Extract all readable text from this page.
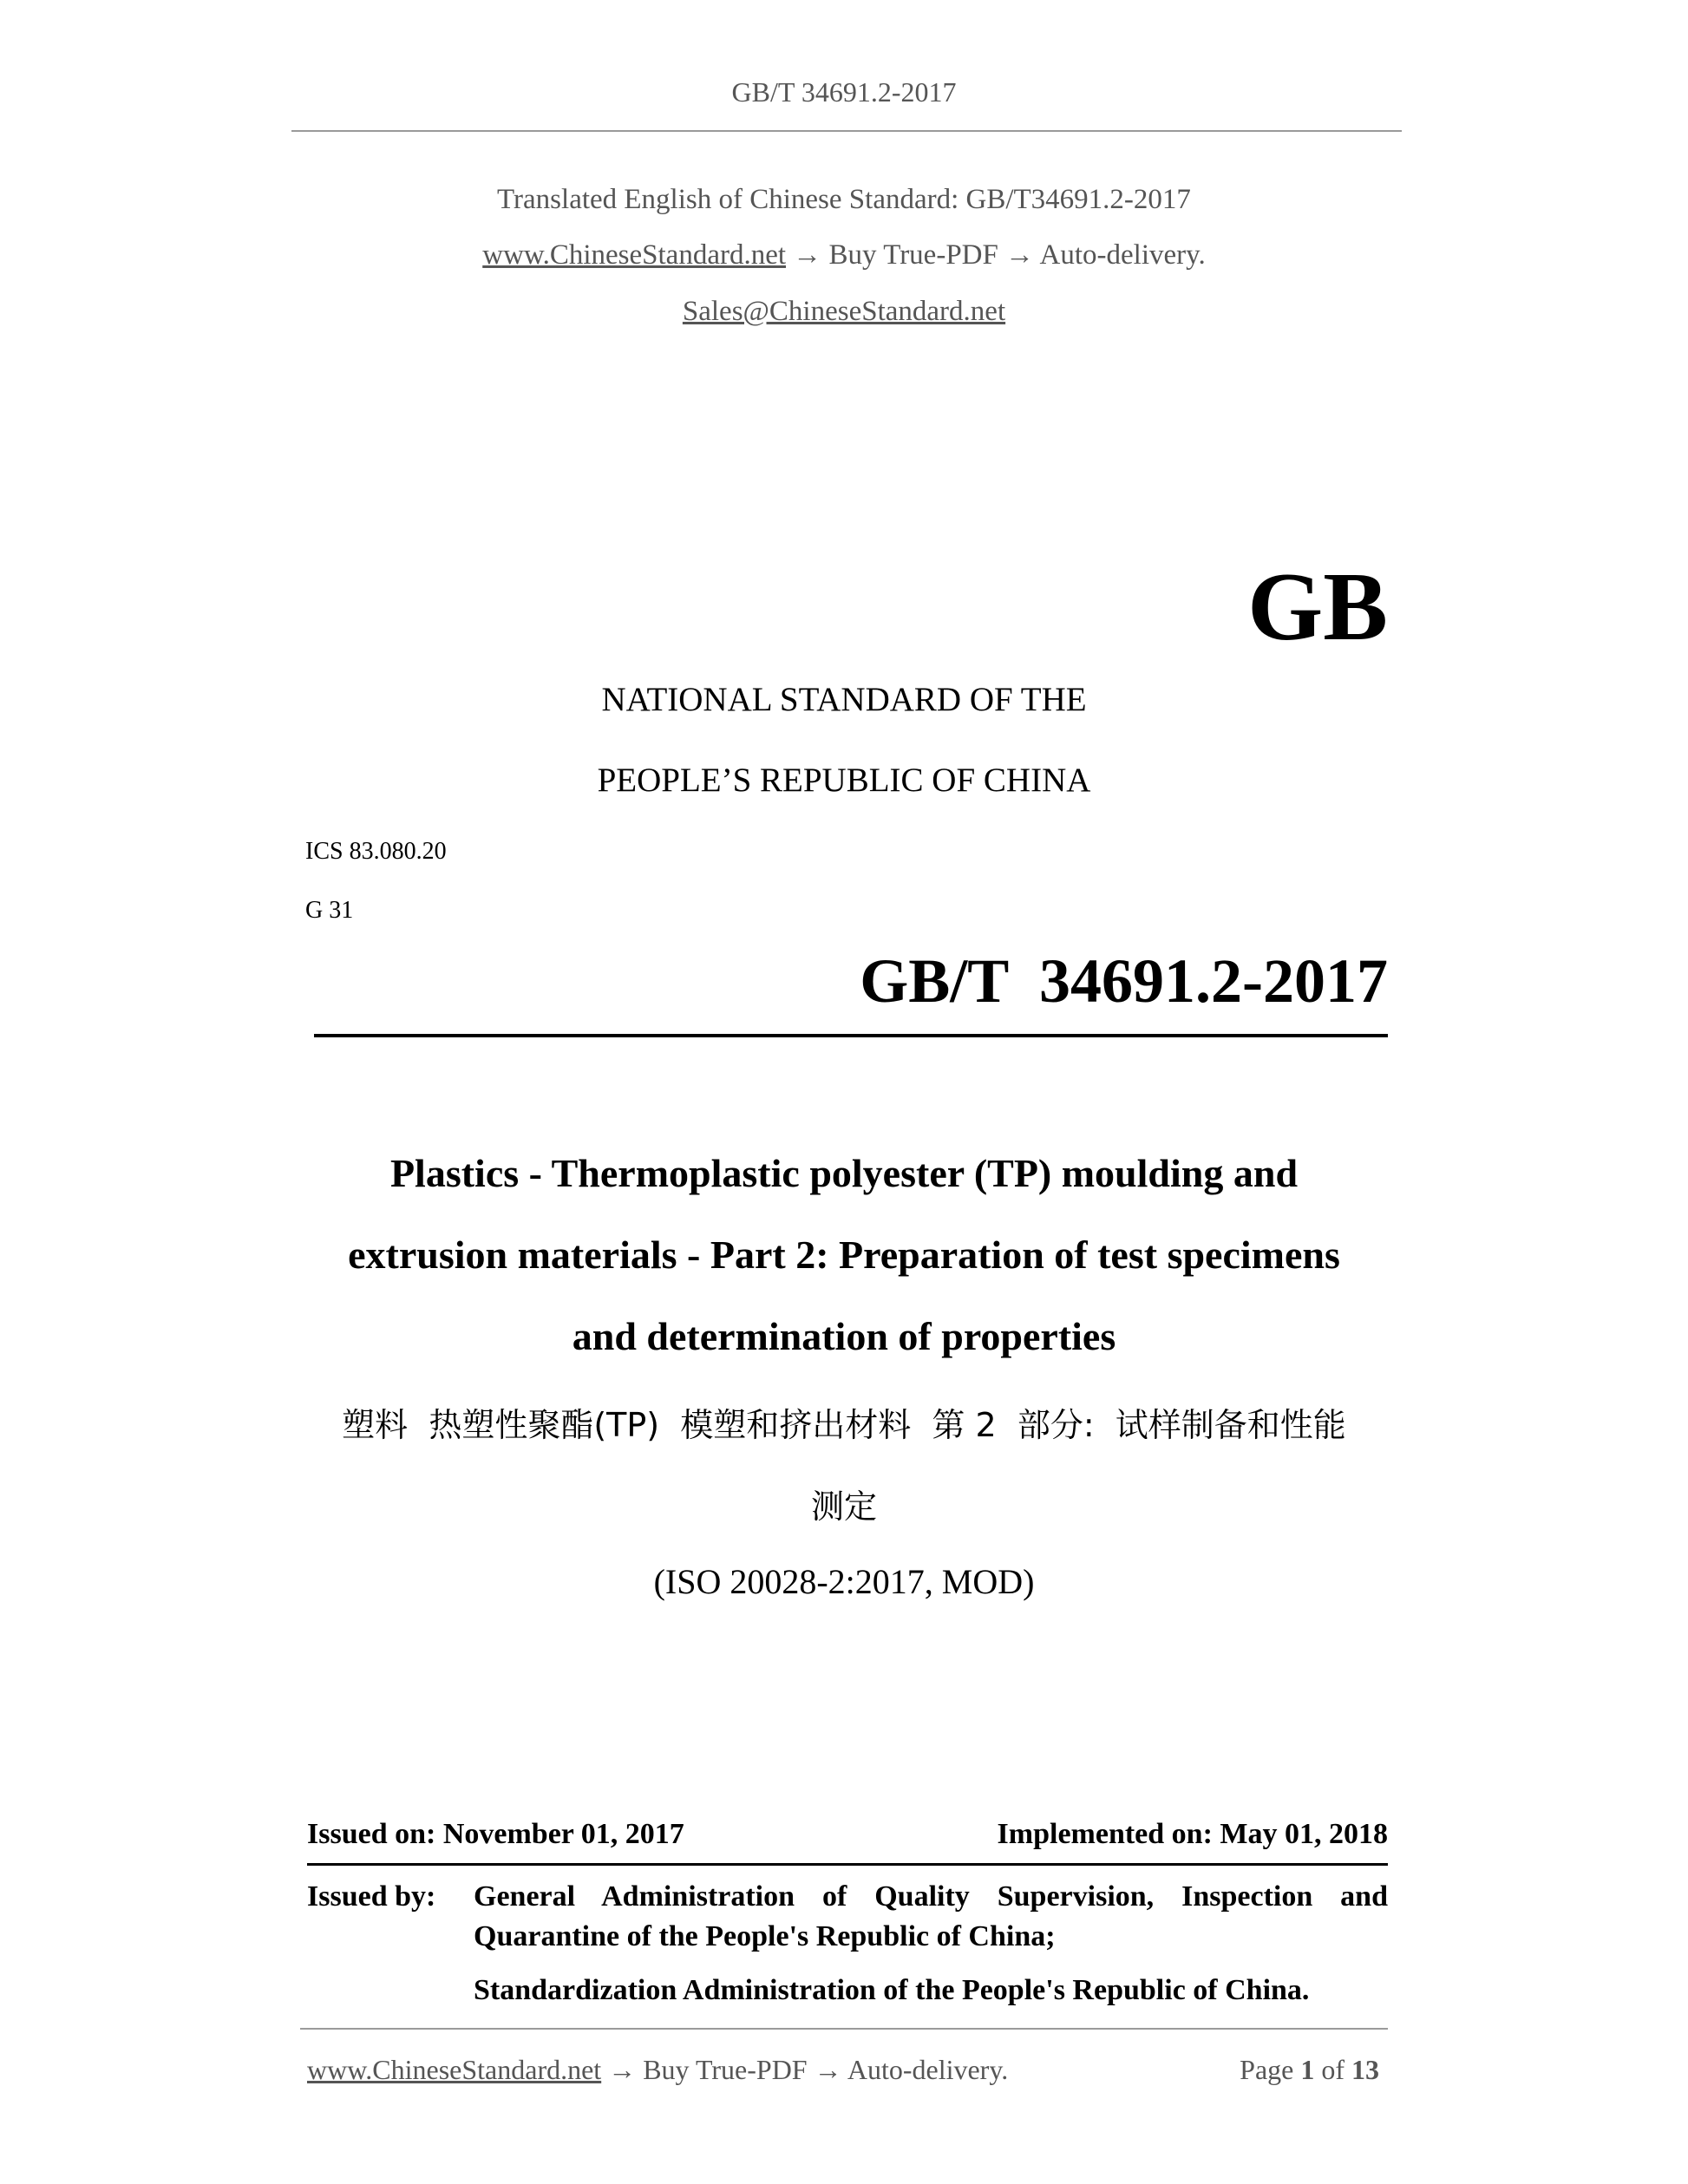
GB/T 34691.2-2017
Translated English of Chinese Standard: GB/T34691.2-2017
www.ChineseStandard.net → Buy True-PDF → Auto-delivery.
Sales@ChineseStandard.net
GB
NATIONAL STANDARD OF THE
PEOPLE’S REPUBLIC OF CHINA
ICS 83.080.20
G 31
GB/T  34691.2-2017
Plastics - Thermoplastic polyester (TP) moulding and
extrusion materials - Part 2: Preparation of test specimens
and determination of properties
塑料  热塑性聚酯(TP)  模塑和挤出材料  第 2  部分:  试样制备和性能
测定
(ISO 20028-2:2017, MOD)
Issued on: November 01, 2017	Implemented on: May 01, 2018
Issued by: General Administration of Quality Supervision, Inspection and
Quarantine of the People's Republic of China;
Standardization Administration of the People's Republic of China.
www.ChineseStandard.net → Buy True-PDF → Auto-delivery.	Page 1 of 13
